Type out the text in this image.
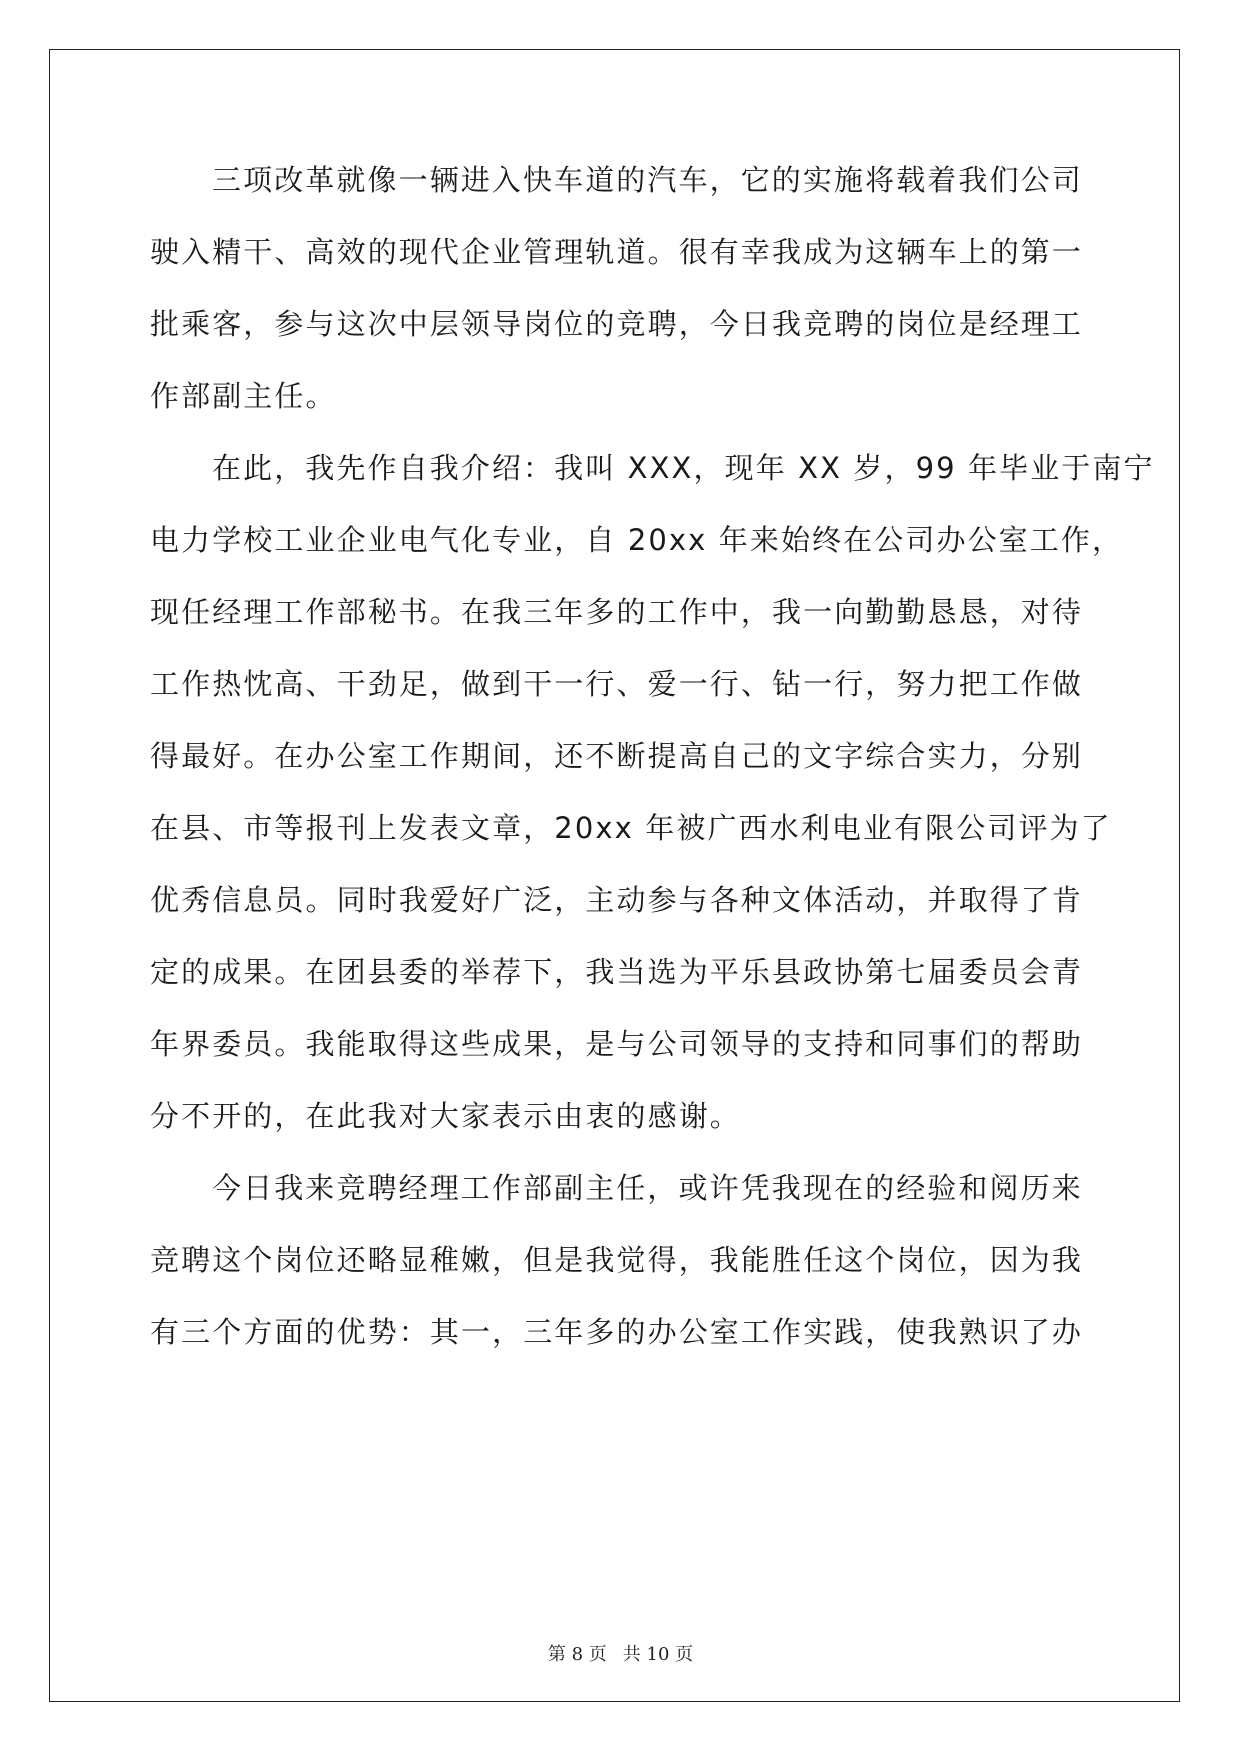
三项改革就像一辆进入快车道的汽车，它的实施将载着我们公司
驶入精干、高效的现代企业管理轨道。很有幸我成为这辆车上的第一
批乘客，参与这次中层领导岗位的竞聘，今日我竞聘的岗位是经理工
作部副主任。
在此，我先作自我介绍：我叫 XXX，现年 XX 岁，99 年毕业于南宁
电力学校工业企业电气化专业，自 20xx 年来始终在公司办公室工作，
现任经理工作部秘书。在我三年多的工作中，我一向勤勤恳恳，对待
工作热忱高、干劲足，做到干一行、爱一行、钻一行，努力把工作做
得最好。在办公室工作期间，还不断提高自己的文字综合实力，分别
在县、市等报刊上发表文章，20xx 年被广西水利电业有限公司评为了
优秀信息员。同时我爱好广泛，主动参与各种文体活动，并取得了肯
定的成果。在团县委的举荐下，我当选为平乐县政协第七届委员会青
年界委员。我能取得这些成果，是与公司领导的支持和同事们的帮助
分不开的，在此我对大家表示由衷的感谢。
今日我来竞聘经理工作部副主任，或许凭我现在的经验和阅历来
竞聘这个岗位还略显稚嫩，但是我觉得，我能胜任这个岗位，因为我
有三个方面的优势：其一，三年多的办公室工作实践，使我熟识了办
第 8 页 共 10 页
